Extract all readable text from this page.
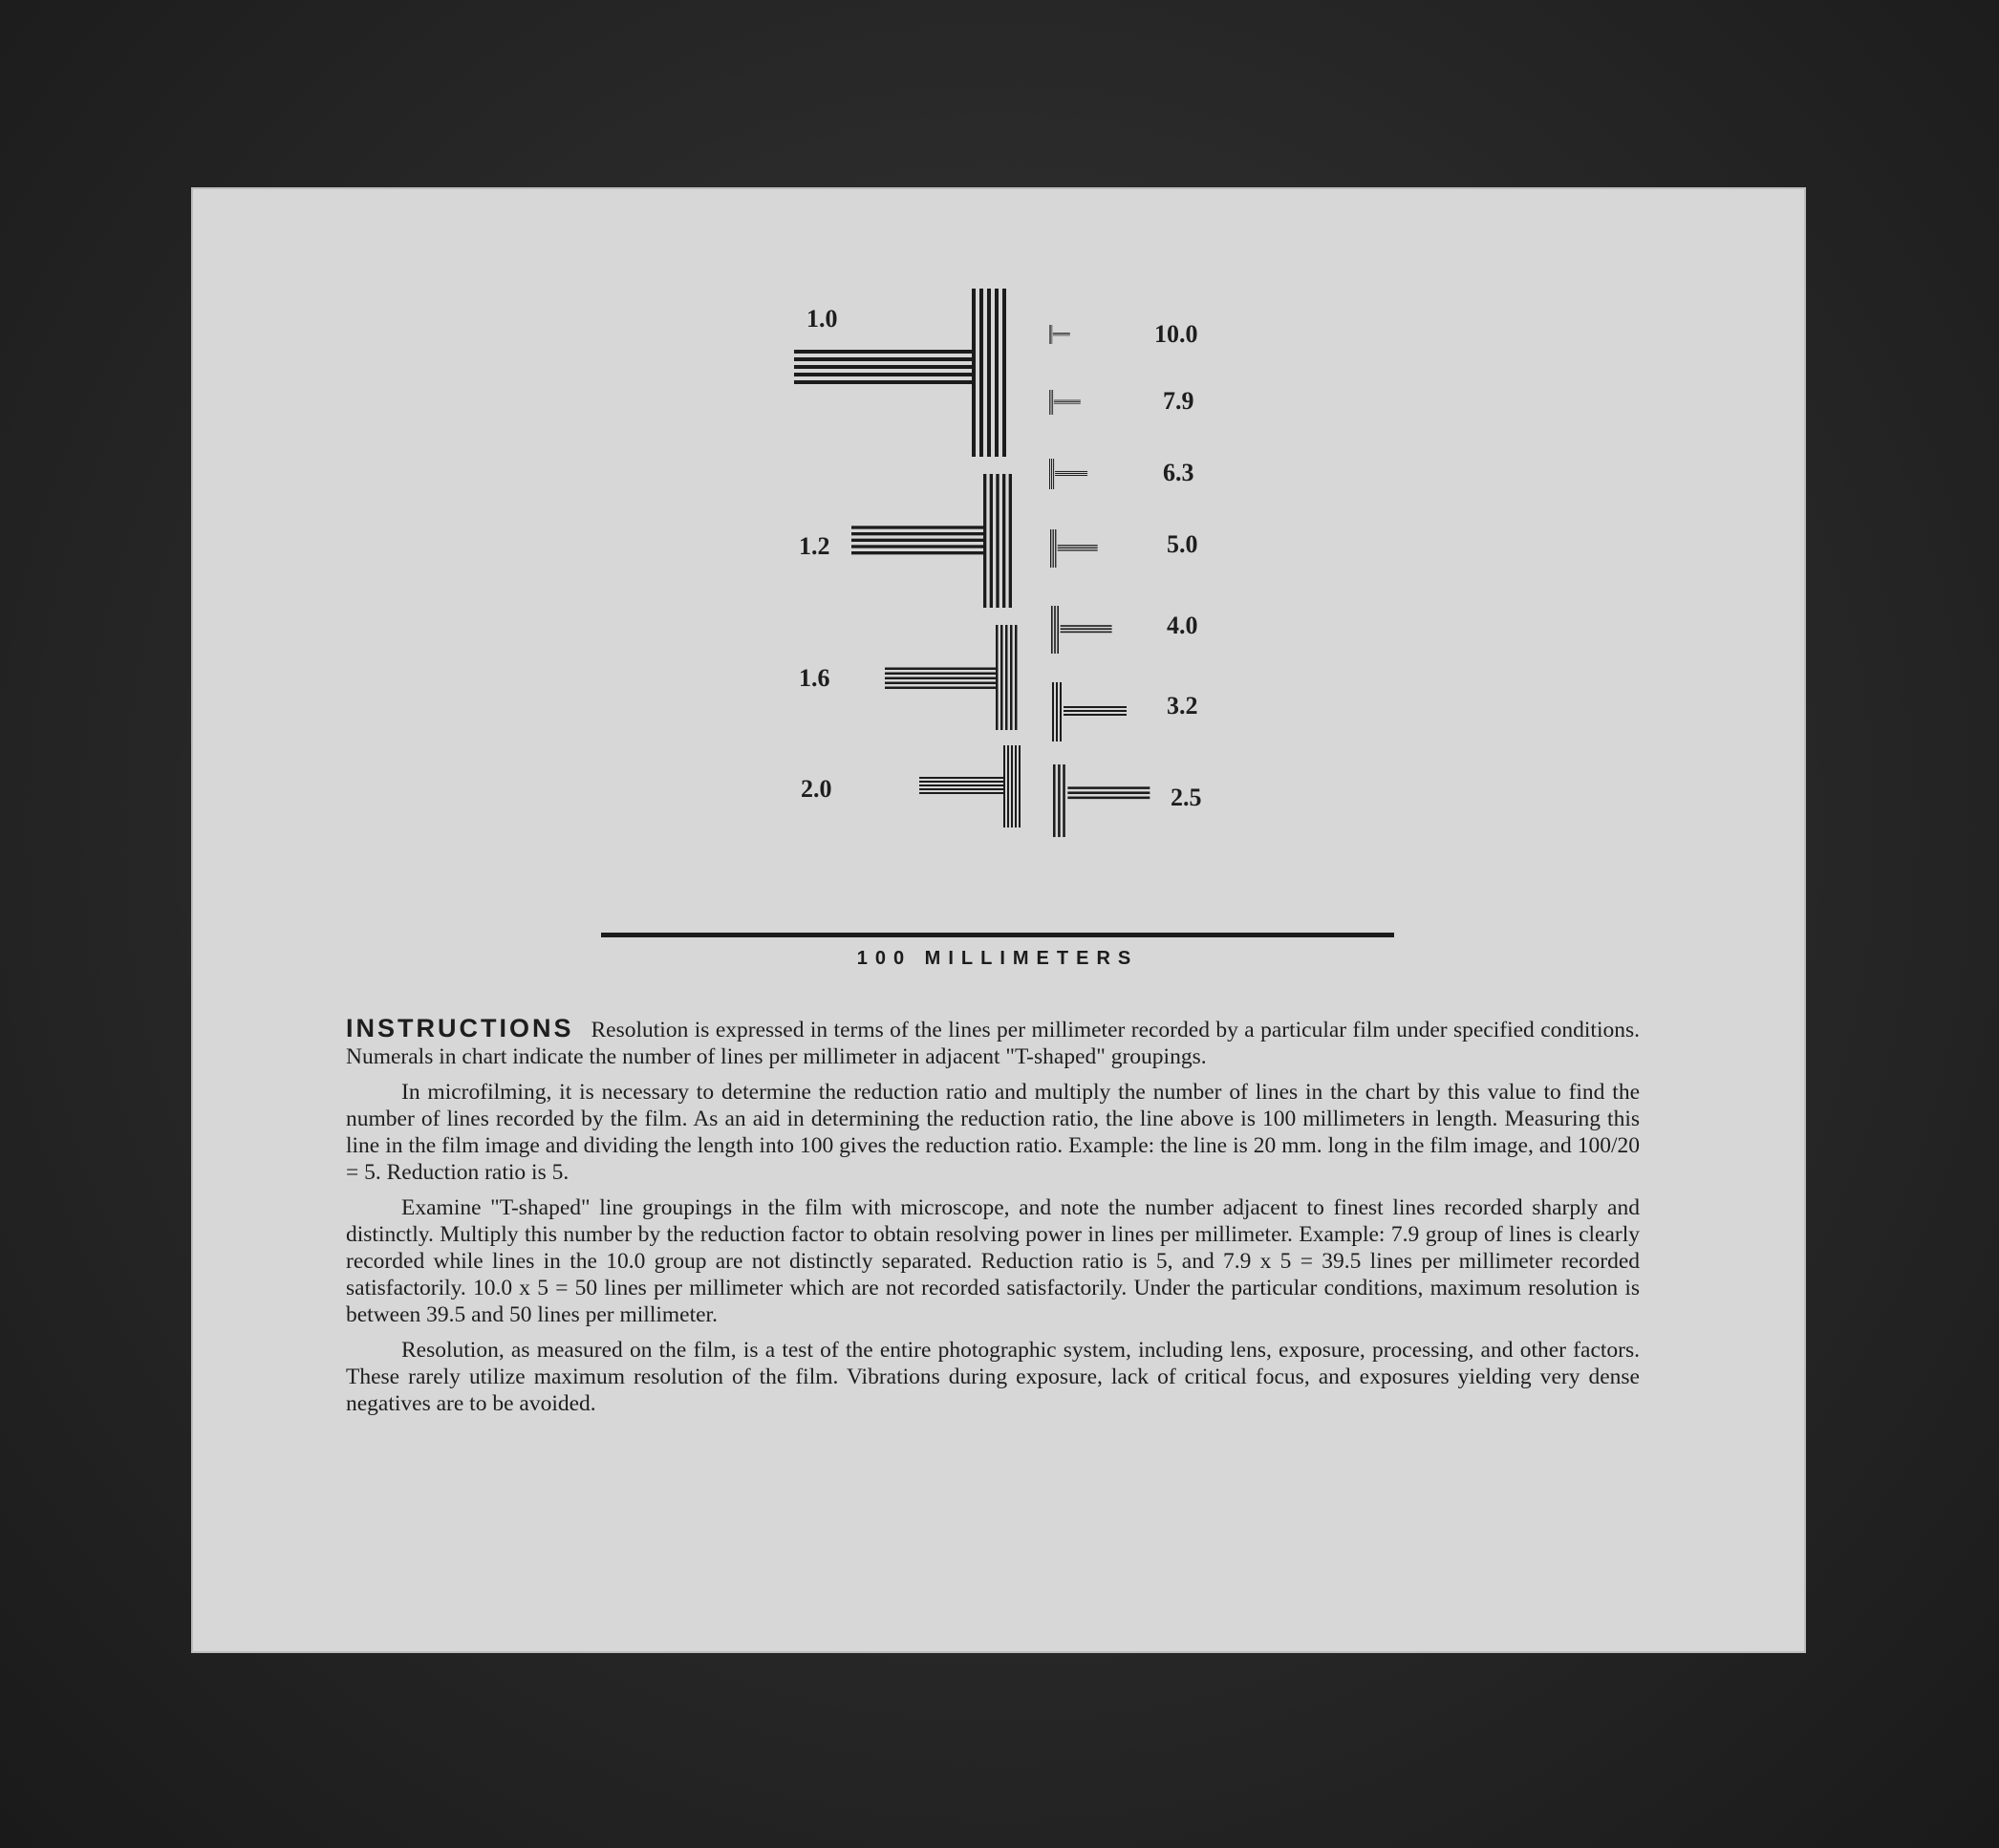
1.0
1.2
1.6
2.0
10.0
7.9
6.3
5.0
4.0
3.2
2.5
100 MILLIMETERS

INSTRUCTIONS Resolution is expressed in terms of the lines per millimeter recorded by a particular film under specified conditions. Numerals in chart indicate the number of lines per millimeter in adjacent "T-shaped" groupings.

In microfilming, it is necessary to determine the reduction ratio and multiply the number of lines in the chart by this value to find the number of lines recorded by the film. As an aid in determining the reduction ratio, the line above is 100 millimeters in length. Measuring this line in the film image and dividing the length into 100 gives the reduction ratio. Example: the line is 20 mm. long in the film image, and 100/20 = 5. Reduction ratio is 5.

Examine "T-shaped" line groupings in the film with microscope, and note the number adjacent to finest lines recorded sharply and distinctly. Multiply this number by the reduction factor to obtain resolving power in lines per millimeter. Example: 7.9 group of lines is clearly recorded while lines in the 10.0 group are not distinctly separated. Reduction ratio is 5, and 7.9 x 5 = 39.5 lines per millimeter recorded satisfactorily. 10.0 x 5 = 50 lines per millimeter which are not recorded satisfactorily. Under the particular conditions, maximum resolution is between 39.5 and 50 lines per millimeter.

Resolution, as measured on the film, is a test of the entire photographic system, including lens, exposure, processing, and other factors. These rarely utilize maximum resolution of the film. Vibrations during exposure, lack of critical focus, and exposures yielding very dense negatives are to be avoided.
